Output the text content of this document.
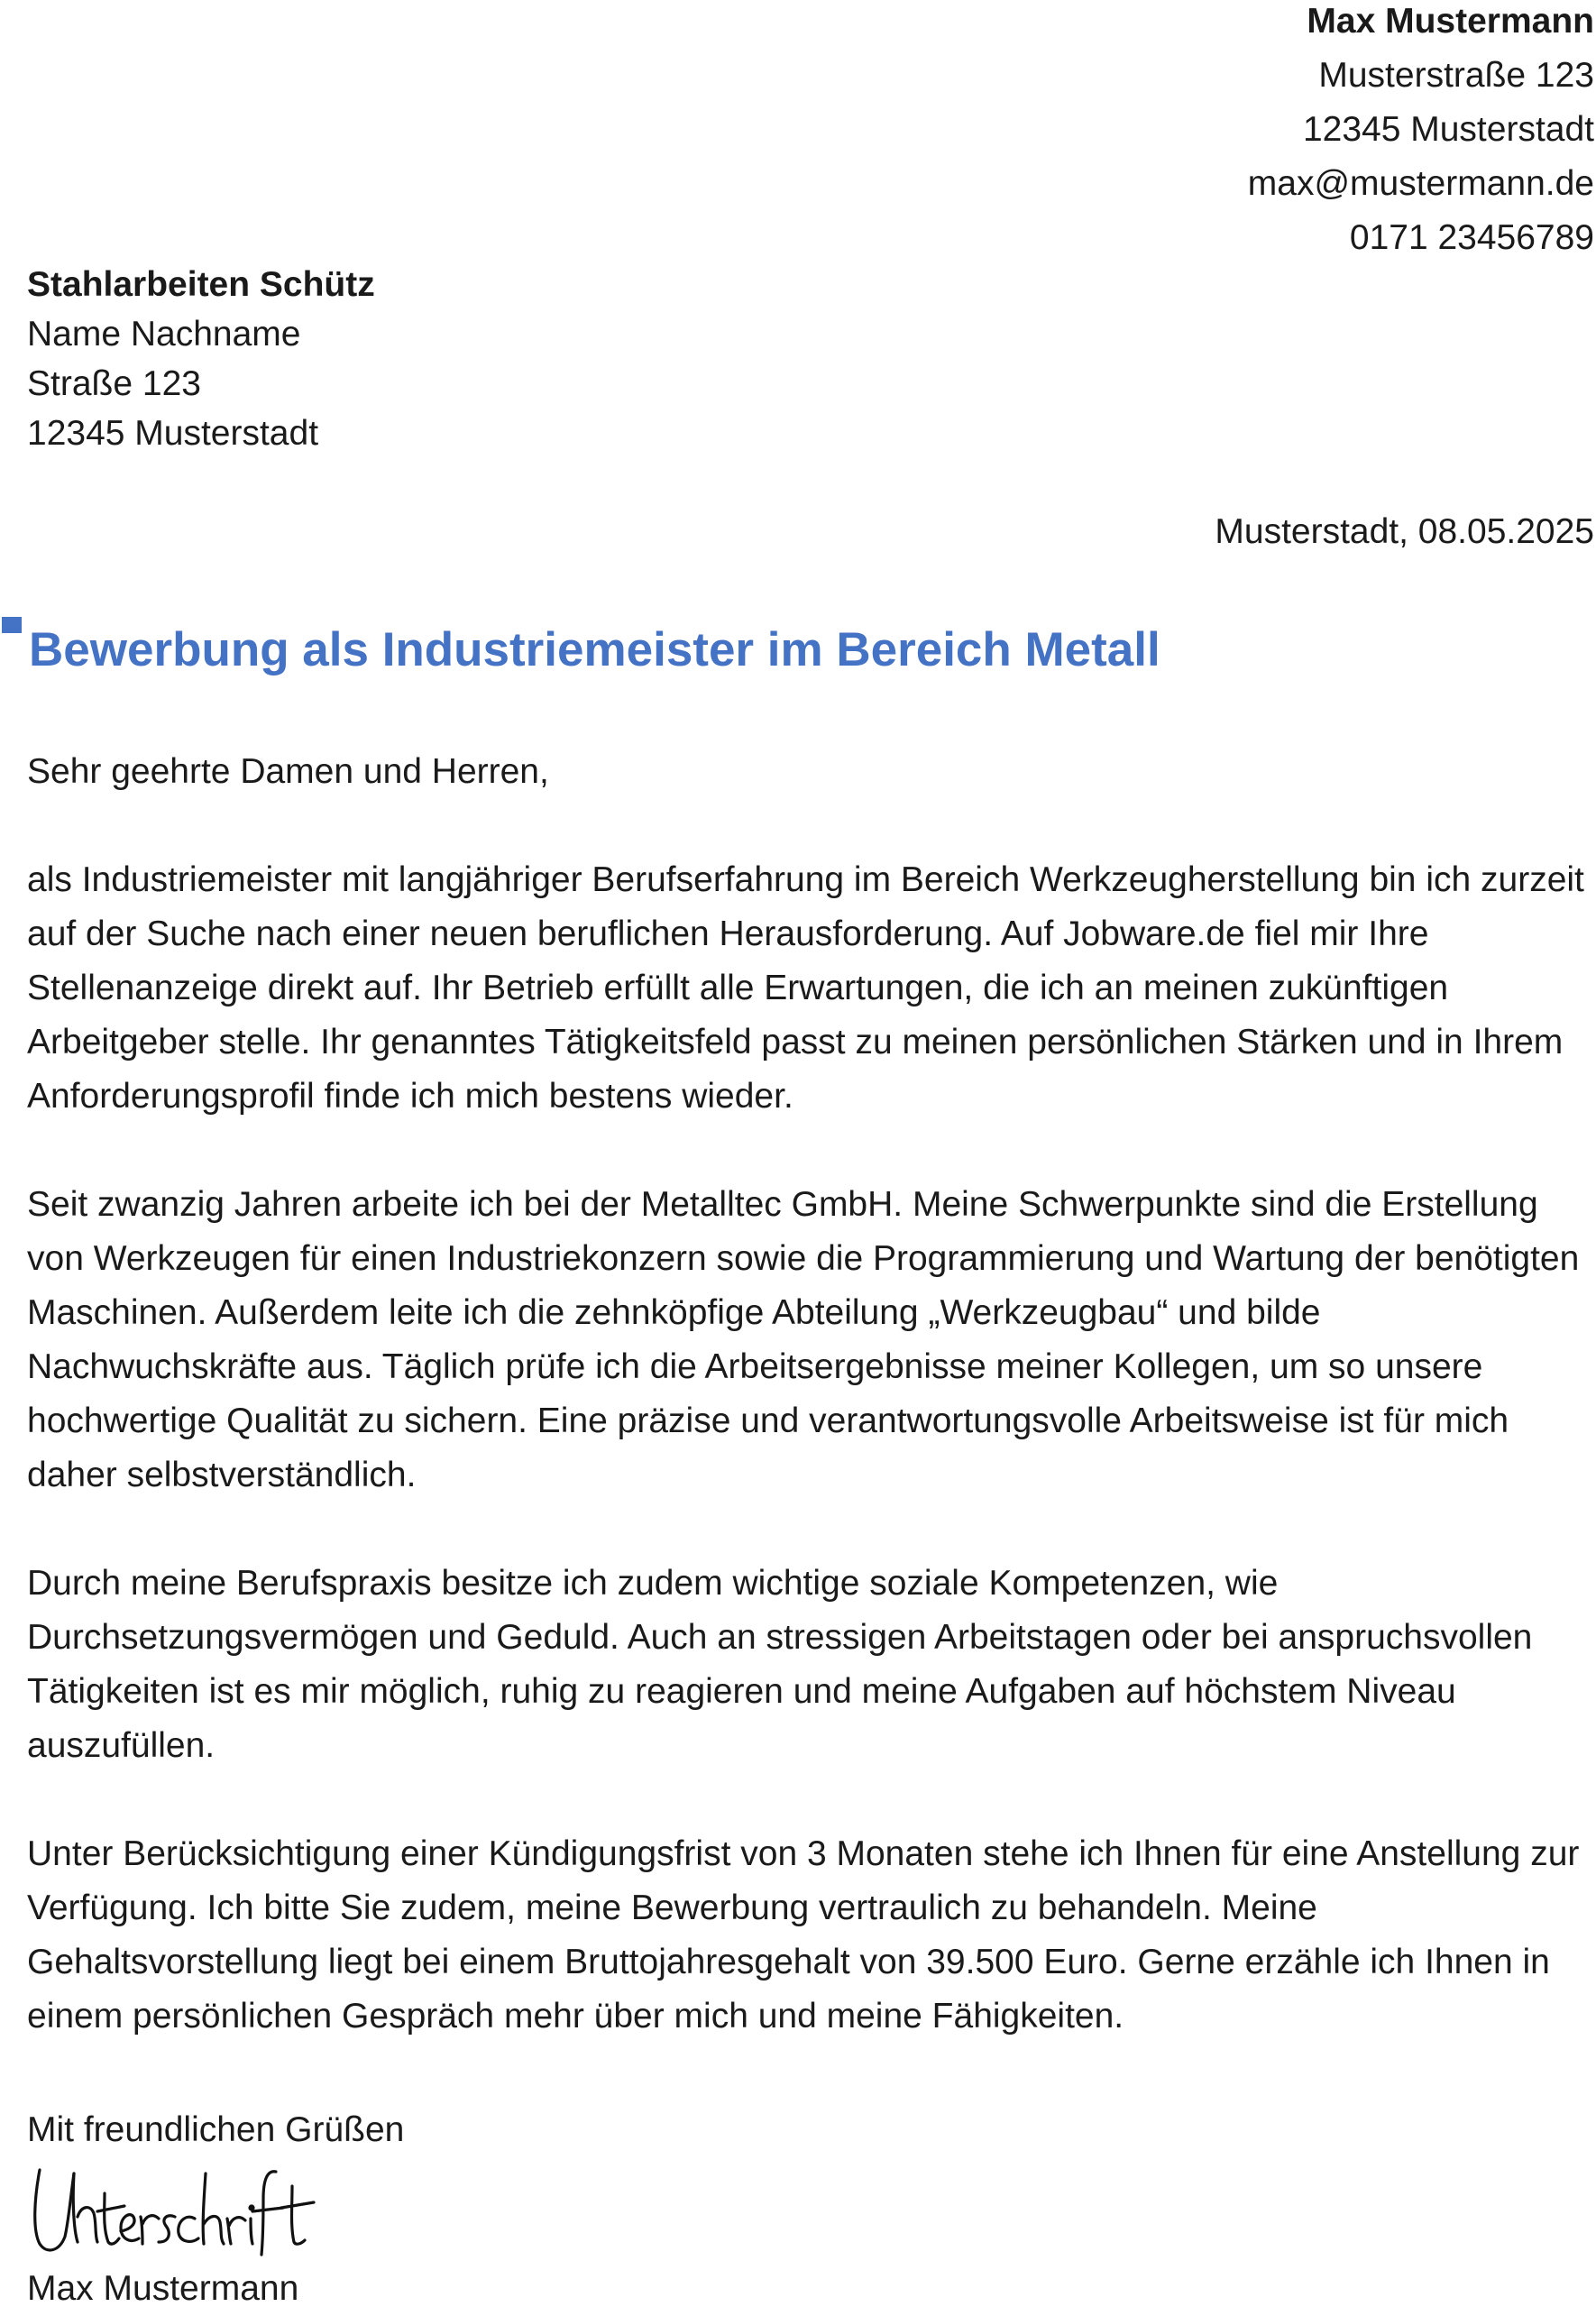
Max Mustermann
Musterstraße 123
12345 Musterstadt
max@mustermann.de
0171 23456789
Stahlarbeiten Schütz
Name Nachname
Straße 123
12345 Musterstadt
Musterstadt, 08.05.2025
Bewerbung als Industriemeister im Bereich Metall
Sehr geehrte Damen und Herren,

als Industriemeister mit langjähriger Berufserfahrung im Bereich Werkzeugherstellung bin ich zurzeit auf der Suche nach einer neuen beruflichen Herausforderung. Auf Jobware.de fiel mir Ihre Stellenanzeige direkt auf. Ihr Betrieb erfüllt alle Erwartungen, die ich an meinen zukünftigen Arbeitgeber stelle. Ihr genanntes Tätigkeitsfeld passt zu meinen persönlichen Stärken und in Ihrem Anforderungsprofil finde ich mich bestens wieder.

Seit zwanzig Jahren arbeite ich bei der Metalltec GmbH. Meine Schwerpunkte sind die Erstellung von Werkzeugen für einen Industriekonzern sowie die Programmierung und Wartung der benötigten Maschinen. Außerdem leite ich die zehnköpfige Abteilung „Werkzeugbau“ und bilde Nachwuchskräfte aus. Täglich prüfe ich die Arbeitsergebnisse meiner Kollegen, um so unsere hochwertige Qualität zu sichern. Eine präzise und verantwortungsvolle Arbeitsweise ist für mich daher selbstverständlich.

Durch meine Berufspraxis besitze ich zudem wichtige soziale Kompetenzen, wie Durchsetzungsvermögen und Geduld. Auch an stressigen Arbeitstagen oder bei anspruchsvollen Tätigkeiten ist es mir möglich, ruhig zu reagieren und meine Aufgaben auf höchstem Niveau auszufüllen.

Unter Berücksichtigung einer Kündigungsfrist von 3 Monaten stehe ich Ihnen für eine Anstellung zur Verfügung. Ich bitte Sie zudem, meine Bewerbung vertraulich zu behandeln. Meine Gehaltsvorstellung liegt bei einem Bruttojahresgehalt von 39.500 Euro. Gerne erzähle ich Ihnen in einem persönlichen Gespräch mehr über mich und meine Fähigkeiten.

Mit freundlichen Grüßen
Max Mustermann
